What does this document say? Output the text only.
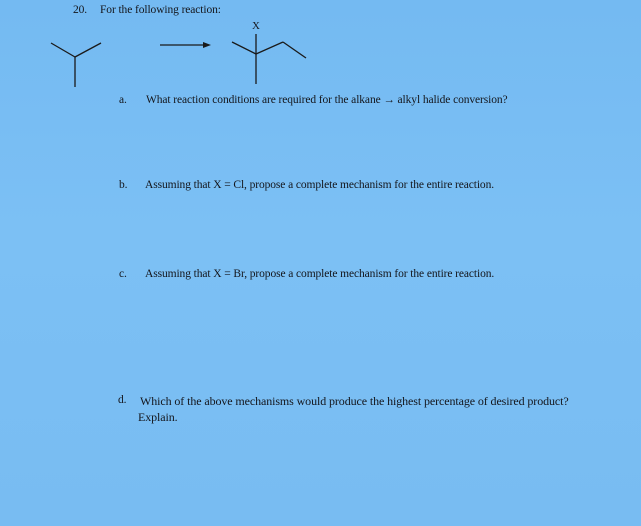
20. For the following reaction:
X
a. What reaction conditions are required for the alkane → alkyl halide conversion?
b. Assuming that X = Cl, propose a complete mechanism for the entire reaction.
c. Assuming that X = Br, propose a complete mechanism for the entire reaction.
d. Which of the above mechanisms would produce the highest percentage of desired product?
Explain.
